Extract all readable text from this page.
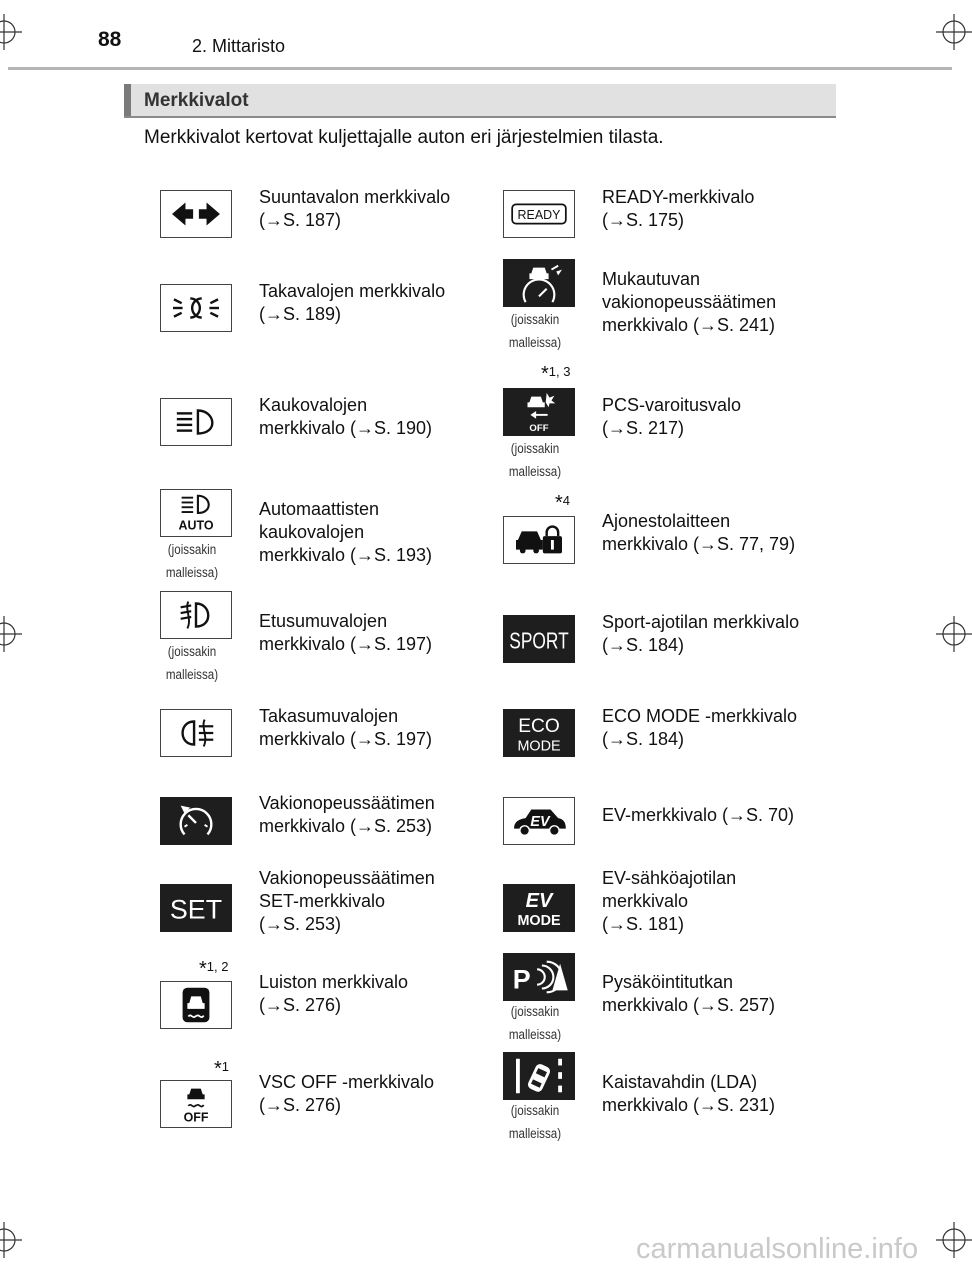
88	2. Mittaristo
Merkkivalot
Merkkivalot kertovat kuljettajalle auton eri järjestelmien tilasta.
Suuntavalon merkkivalo
(→S. 187)
Takavalojen merkkivalo
(→S. 189)
Kaukovalojen
merkkivalo (→S. 190)
AUTO
(joissakin malleissa)
Automaattisten
kaukovalojen
merkkivalo (→S. 193)
(joissakin malleissa)
Etusumuvalojen
merkkivalo (→S. 197)
Takasumuvalojen
merkkivalo (→S. 197)
Vakionopeussäätimen
merkkivalo (→S. 253)
SET
Vakionopeussäätimen
SET-merkkivalo
(→S. 253)
$*_{1, 2}$
Luiston merkkivalo
(→S. 276)
$*_1$
OFF
VSC OFF -merkkivalo
(→S. 276)
READY
READY-merkkivalo
(→S. 175)
(joissakin malleissa)
Mukautuvan
vakionopeussäätimen
merkkivalo (→S. 241)
$*_{1, 3}$
OFF
(joissakin malleissa)
PCS-varoitusvalo
(→S. 217)
$*_4$
Ajonestolaitteen
merkkivalo (→S. 77, 79)
SPORT
Sport-ajotilan merkkivalo
(→S. 184)
ECO
MODE
ECO MODE -merkkivalo
(→S. 184)
EV	EV-merkkivalo (→S. 70)
EV
MODE
EV-sähköajotilan
merkkivalo
(→S. 181)
P
(joissakin malleissa)
Pysäköintitutkan
merkkivalo (→S. 257)
(joissakin malleissa)
Kaistavahdin (LDA)
merkkivalo (→S. 231)
carmanualsonline.info
